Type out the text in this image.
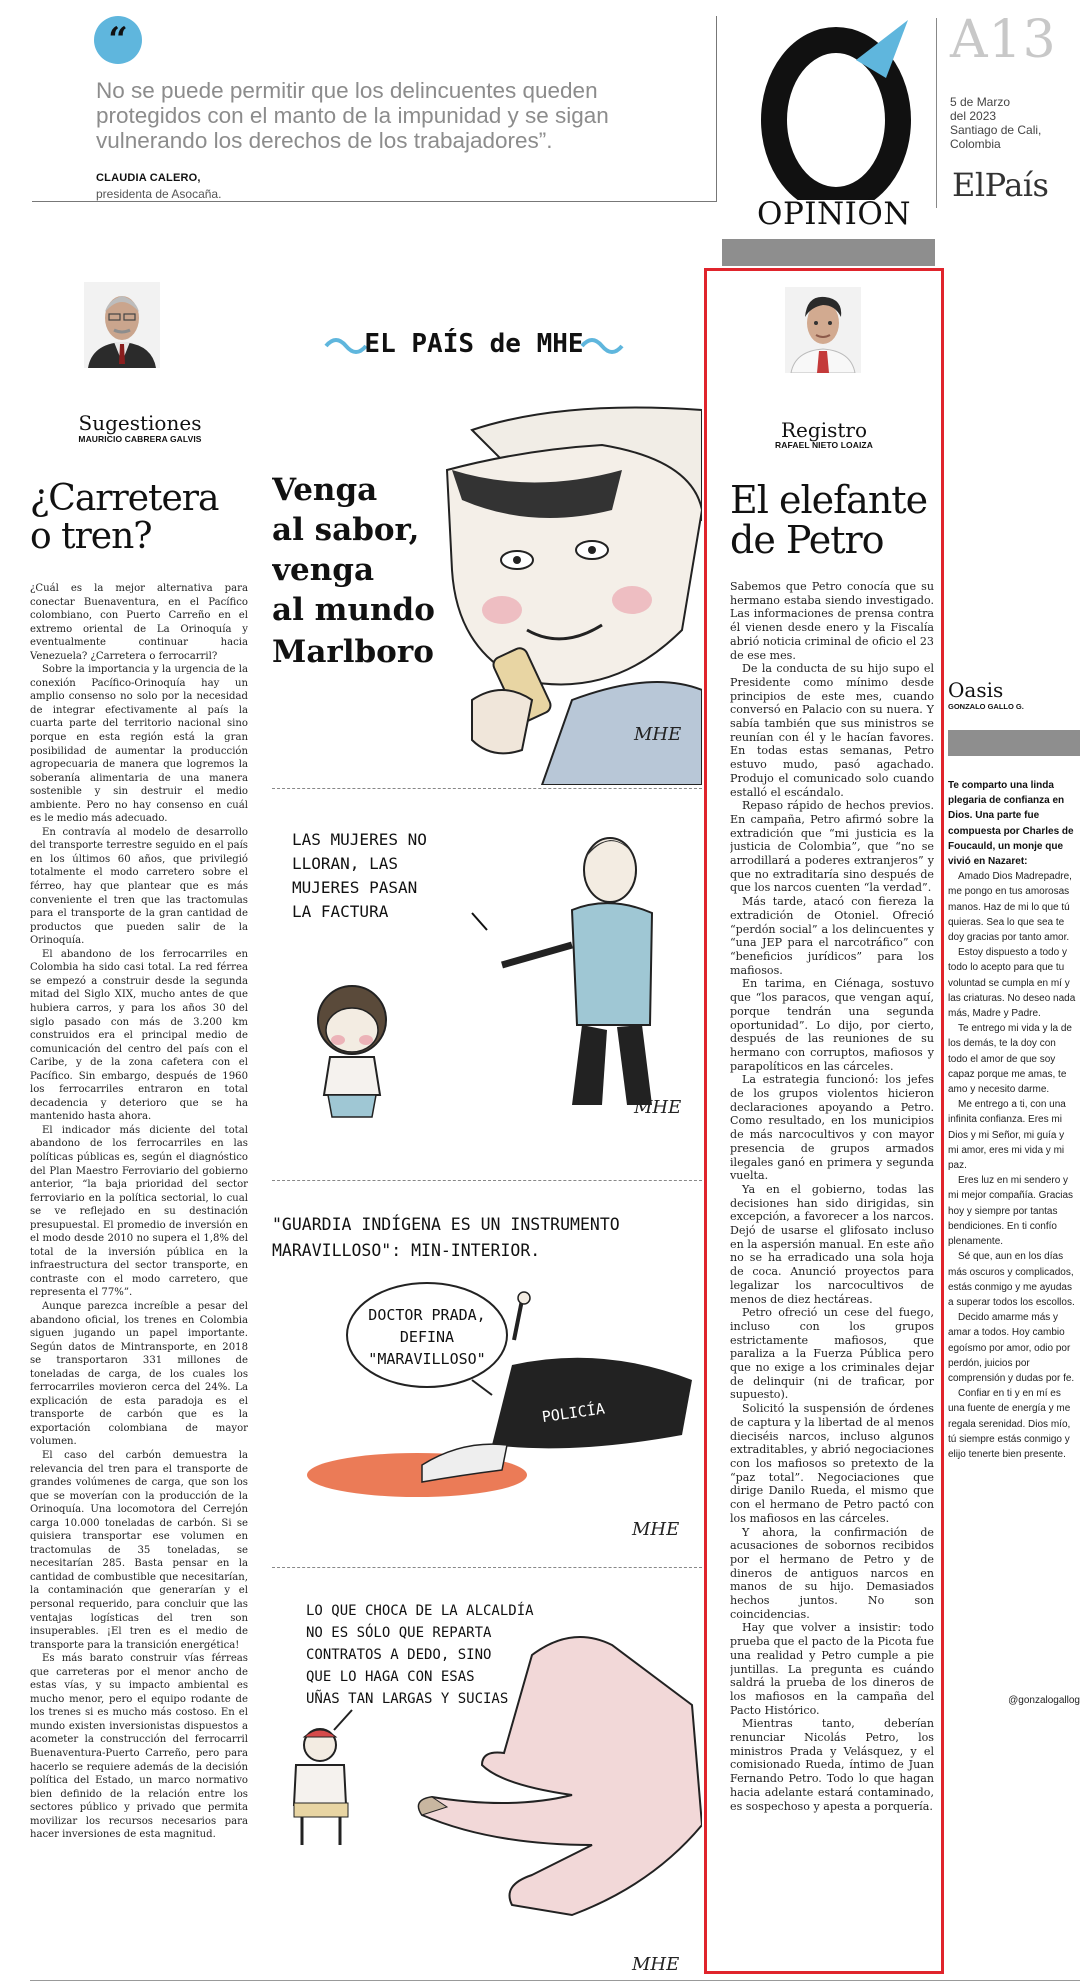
“
No se puede permitir que los delincuentes queden protegidos con el manto de la impunidad y se sigan vulnerando los derechos de los trabajadores”.
CLAUDIA CALERO,
presidenta de Asocaña.
OPINIÓN
A13
5 de Marzo
del 2023
Santiago de Cali,
Colombia
ElPaís
Sugestiones
MAURICIO CABRERA GALVIS
¿Carretera
o tren?

¿Cuál es la mejor alternativa para conectar Buenaventura, en el Pacífico colombiano, con Puerto Carreño en el extremo oriental de La Orinoquía y eventualmente continuar hacia Venezuela? ¿Carretera o ferrocarril?

Sobre la importancia y la urgencia de la conexión Pacífico-Orinoquía hay un amplio consenso no solo por la necesidad de integrar efectivamente al país la cuarta parte del territorio nacional sino porque en esta región está la gran posibilidad de aumentar la producción agropecuaria de manera que logremos la soberanía alimentaria de una manera sostenible y sin destruir el medio ambiente. Pero no hay consenso en cuál es le medio más adecuado.

En contravía al modelo de desarrollo del transporte terrestre seguido en el país en los últimos 60 años, que privilegió totalmente el modo carretero sobre el férreo, hay que plantear que es más conveniente el tren que las tractomulas para el transporte de la gran cantidad de productos que pueden salir de la Orinoquía.

El abandono de los ferrocarriles en Colombia ha sido casi total. La red férrea se empezó a construir desde la segunda mitad del Siglo XIX, mucho antes de que hubiera carros, y para los años 30 del siglo pasado con más de 3.200 km construidos era el principal medio de comunicación del centro del país con el Caribe, y de la zona cafetera con el Pacífico. Sin embargo, después de 1960 los ferrocarriles entraron en total decadencia y deterioro que se ha mantenido hasta ahora.

El indicador más diciente del total abandono de los ferrocarriles en las políticas públicas es, según el diagnóstico del Plan Maestro Ferroviario del gobierno anterior, “la baja prioridad del sector ferroviario en la política sectorial, lo cual se ve reflejado en su destinación presupuestal. El promedio de inversión en el modo desde 2010 no supera el 1,8% del total de la inversión pública en la infraestructura del sector transporte, en contraste con el modo carretero, que representa el 77%”.

Aunque parezca increíble a pesar del abandono oficial, los trenes en Colombia siguen jugando un papel importante. Según datos de Mintransporte, en 2018 se transportaron 331 millones de toneladas de carga, de los cuales los ferrocarriles movieron cerca del 24%. La explicación de esta paradoja es el transporte de carbón que es la exportación colombiana de mayor volumen.

El caso del carbón demuestra la relevancia del tren para el transporte de grandes volúmenes de carga, que son los que se moverían con la producción de la Orinoquía. Una locomotora del Cerrejón carga 10.000 toneladas de carbón. Si se quisiera transportar ese volumen en tractomulas de 35 toneladas, se necesitarían 285. Basta pensar en la cantidad de combustible que necesitarían, la contaminación que generarían y el personal requerido, para concluir que las ventajas logísticas del tren son insuperables. ¡El tren es el medio de transporte para la transición energética!

Es más barato construir vías férreas que carreteras por el menor ancho de estas vías, y su impacto ambiental es mucho menor, pero el equipo rodante de los trenes si es mucho más costoso. En el mundo existen inversionistas dispuestos a acometer la construcción del ferrocarril Buenaventura-Puerto Carreño, pero para hacerlo se requiere además de la decisión política del Estado, un marco normativo bien definido de la relación entre los sectores público y privado que permita movilizar los recursos necesarios para hacer inversiones de esta magnitud.

EL PAÍS de MHE
Venga
al sabor,
venga
al mundo
Marlboro
MHE
LAS MUJERES NO
LLORAN, LAS
MUJERES PASAN
LA FACTURA
MHE
"GUARDIA INDÍGENA ES UN INSTRUMENTO
MARAVILLOSO": MIN-INTERIOR.
DOCTOR PRADA,
DEFINA
"MARAVILLOSO"
POLICÍA
MHE
LO QUE CHOCA DE LA ALCALDÍA
NO ES SÓLO QUE REPARTA
CONTRATOS A DEDO, SINO
QUE LO HAGA CON ESAS
UÑAS TAN LARGAS Y SUCIAS
MHE
Registro
RAFAEL NIETO LOAIZA
El elefante
de Petro

Sabemos que Petro conocía que su hermano estaba siendo investigado. Las informaciones de prensa contra él vienen desde enero y la Fiscalía abrió noticia criminal de oficio el 23 de ese mes.

De la conducta de su hijo supo el Presidente como mínimo desde principios de este mes, cuando conversó en Palacio con su nuera. Y sabía también que sus ministros se reunían con él y le hacían favores. En todas estas semanas, Petro estuvo mudo, pasó agachado. Produjo el comunicado solo cuando estalló el escándalo.

Repaso rápido de hechos previos. En campaña, Petro afirmó sobre la extradición que “mi justicia es la justicia de Colombia”, que “no se arrodillará a poderes extranjeros” y que no extraditaría sino después de que los narcos cuenten “la verdad”.

Más tarde, atacó con fiereza la extradición de Otoniel. Ofreció “perdón social” a los delincuentes y “una JEP para el narcotráfico” con “beneficios jurídicos” para los mafiosos.

En tarima, en Ciénaga, sostuvo que “los paracos, que vengan aquí, porque tendrán una segunda oportunidad”. Lo dijo, por cierto, después de las reuniones de su hermano con corruptos, mafiosos y parapolíticos en las cárceles.

La estrategia funcionó: los jefes de los grupos violentos hicieron declaraciones apoyando a Petro. Como resultado, en los municipios de más narcocultivos y con mayor presencia de grupos armados ilegales ganó en primera y segunda vuelta.

Ya en el gobierno, todas las decisiones han sido dirigidas, sin excepción, a favorecer a los narcos. Dejó de usarse el glifosato incluso en la aspersión manual. En este año no se ha erradicado una sola hoja de coca. Anunció proyectos para legalizar los narcocultivos de menos de diez hectáreas.

Petro ofreció un cese del fuego, incluso con los grupos estrictamente mafiosos, que paraliza a la Fuerza Pública pero que no exige a los criminales dejar de delinquir (ni de traficar, por supuesto).

Solicitó la suspensión de órdenes de captura y la libertad de al menos dieciséis narcos, incluso algunos extraditables, y abrió negociaciones con los mafiosos so pretexto de la “paz total”. Negociaciones que dirige Danilo Rueda, el mismo que con el hermano de Petro pactó con los mafiosos en las cárceles.

Y ahora, la confirmación de acusaciones de sobornos recibidos por el hermano de Petro y de dineros de antiguos narcos en manos de su hijo. Demasiados hechos juntos. No son coincidencias.

Hay que volver a insistir: todo prueba que el pacto de la Picota fue una realidad y Petro cumple a pie juntillas. La pregunta es cuándo saldrá la prueba de los dineros de los mafiosos en la campaña del Pacto Histórico.

Mientras tanto, deberían renunciar Nicolás Petro, los ministros Prada y Velásquez, y el comisionado Rueda, íntimo de Juan Fernando Petro. Todo lo que hagan hacia adelante estará contaminado, es sospechoso y apesta a porquería.

Oasis
GONZALO GALLO G.
Te comparto una linda plegaria de confianza en Dios. Una parte fue compuesta por Charles de Foucauld, un monje que vivió en Nazaret:

Amado Dios Madrepadre, me pongo en tus amorosas manos. Haz de mi lo que tú quieras. Sea lo que sea te doy gracias por tanto amor.

Estoy dispuesto a todo y todo lo acepto para que tu voluntad se cumpla en mí y las criaturas. No deseo nada más, Madre y Padre.

Te entrego mi vida y la de los demás, te la doy con todo el amor de que soy capaz porque me amas, te amo y necesito darme.

Me entrego a ti, con una infinita confianza. Eres mi Dios y mi Señor, mi guía y mi amor, eres mi vida y mi paz.

Eres luz en mi sendero y mi mejor compañía. Gracias hoy y siempre por tantas bendiciones. En ti confío plenamente.

Sé que, aun en los días más oscuros y complicados, estás conmigo y me ayudas a superar todos los escollos.

Decido amarme más y amar a todos. Hoy cambio egoísmo por amor, odio por perdón, juicios por comprensión y dudas por fe.

Confiar en ti y en mí es una fuente de energía y me regala serenidad. Dios mío, tú siempre estás conmigo y elijo tenerte bien presente.

@gonzalogallog
